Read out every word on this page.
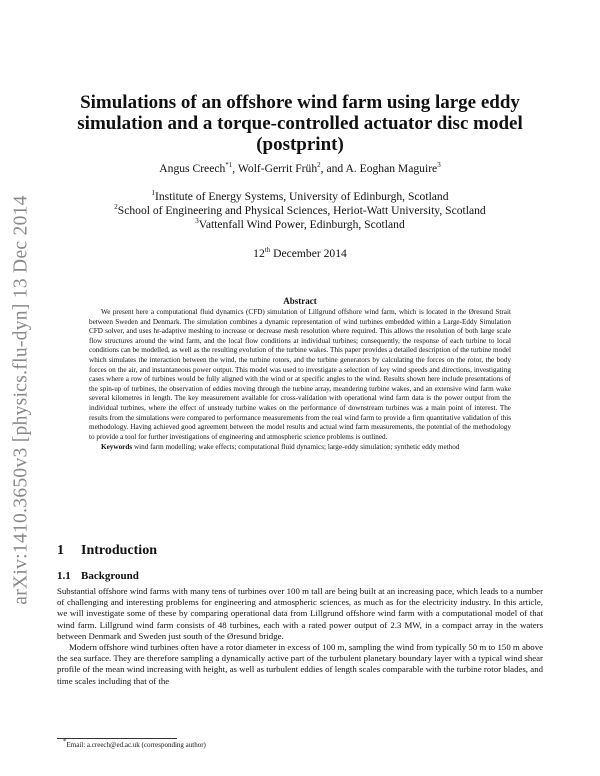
arXiv:1410.3650v3 [physics.flu-dyn] 13 Dec 2014
Simulations of an offshore wind farm using large eddy simulation and a torque-controlled actuator disc model (postprint)
Angus Creech$^{*1}$, Wolf-Gerrit Früh$^2$, and A. Eoghan Maguire$^3$
$^1$Institute of Energy Systems, University of Edinburgh, Scotland
$^2$School of Engineering and Physical Sciences, Heriot-Watt University, Scotland
$^3$Vattenfall Wind Power, Edinburgh, Scotland
12th December 2014
Abstract

We present here a computational fluid dynamics (CFD) simulation of Lillgrund offshore wind farm, which is located in the Øresund Strait between Sweden and Denmark. The simulation combines a dynamic representation of wind turbines embedded within a Large-Eddy Simulation CFD solver, and uses hr-adaptive meshing to increase or decrease mesh resolution where required. This allows the resolution of both large scale flow structures around the wind farm, and the local flow conditions at individual turbines; consequently, the response of each turbine to local conditions can be modelled, as well as the resulting evolution of the turbine wakes. This paper provides a detailed description of the turbine model which simulates the interaction between the wind, the turbine rotors, and the turbine generators by calculating the forces on the rotor, the body forces on the air, and instantaneous power output. This model was used to investigate a selection of key wind speeds and directions, investigating cases where a row of turbines would be fully aligned with the wind or at specific angles to the wind. Results shown here include presentations of the spin-up of turbines, the observation of eddies moving through the turbine array, meandering turbine wakes, and an extensive wind farm wake several kilometres in length. The key measurement available for cross-validation with operational wind farm data is the power output from the individual turbines, where the effect of unsteady turbine wakes on the performance of downstream turbines was a main point of interest. The results from the simulations were compared to performance measurements from the real wind farm to provide a firm quantitative validation of this methodology. Having achieved good agreement between the model results and actual wind farm measurements, the potential of the methodology to provide a tool for further investigations of engineering and atmospheric science problems is outlined.

Keywords wind farm modelling; wake effects; computational fluid dynamics; large-eddy simulation; synthetic eddy method

1 Introduction
1.1 Background

Substantial offshore wind farms with many tens of turbines over 100 m tall are being built at an increasing pace, which leads to a number of challenging and interesting problems for engineering and atmospheric sciences, as much as for the electricity industry. In this article, we will investigate some of these by comparing operational data from Lillgrund offshore wind farm with a computational model of that wind farm. Lillgrund wind farm consists of 48 turbines, each with a rated power output of 2.3 MW, in a compact array in the waters between Denmark and Sweden just south of the Øresund bridge.

Modern offshore wind turbines often have a rotor diameter in excess of 100 m, sampling the wind from typically 50 m to 150 m above the sea surface. They are therefore sampling a dynamically active part of the turbulent planetary boundary layer with a typical wind shear profile of the mean wind increasing with height, as well as turbulent eddies of length scales comparable with the turbine rotor blades, and time scales including that of the

*Email: a.creech@ed.ac.uk (corresponding author)
